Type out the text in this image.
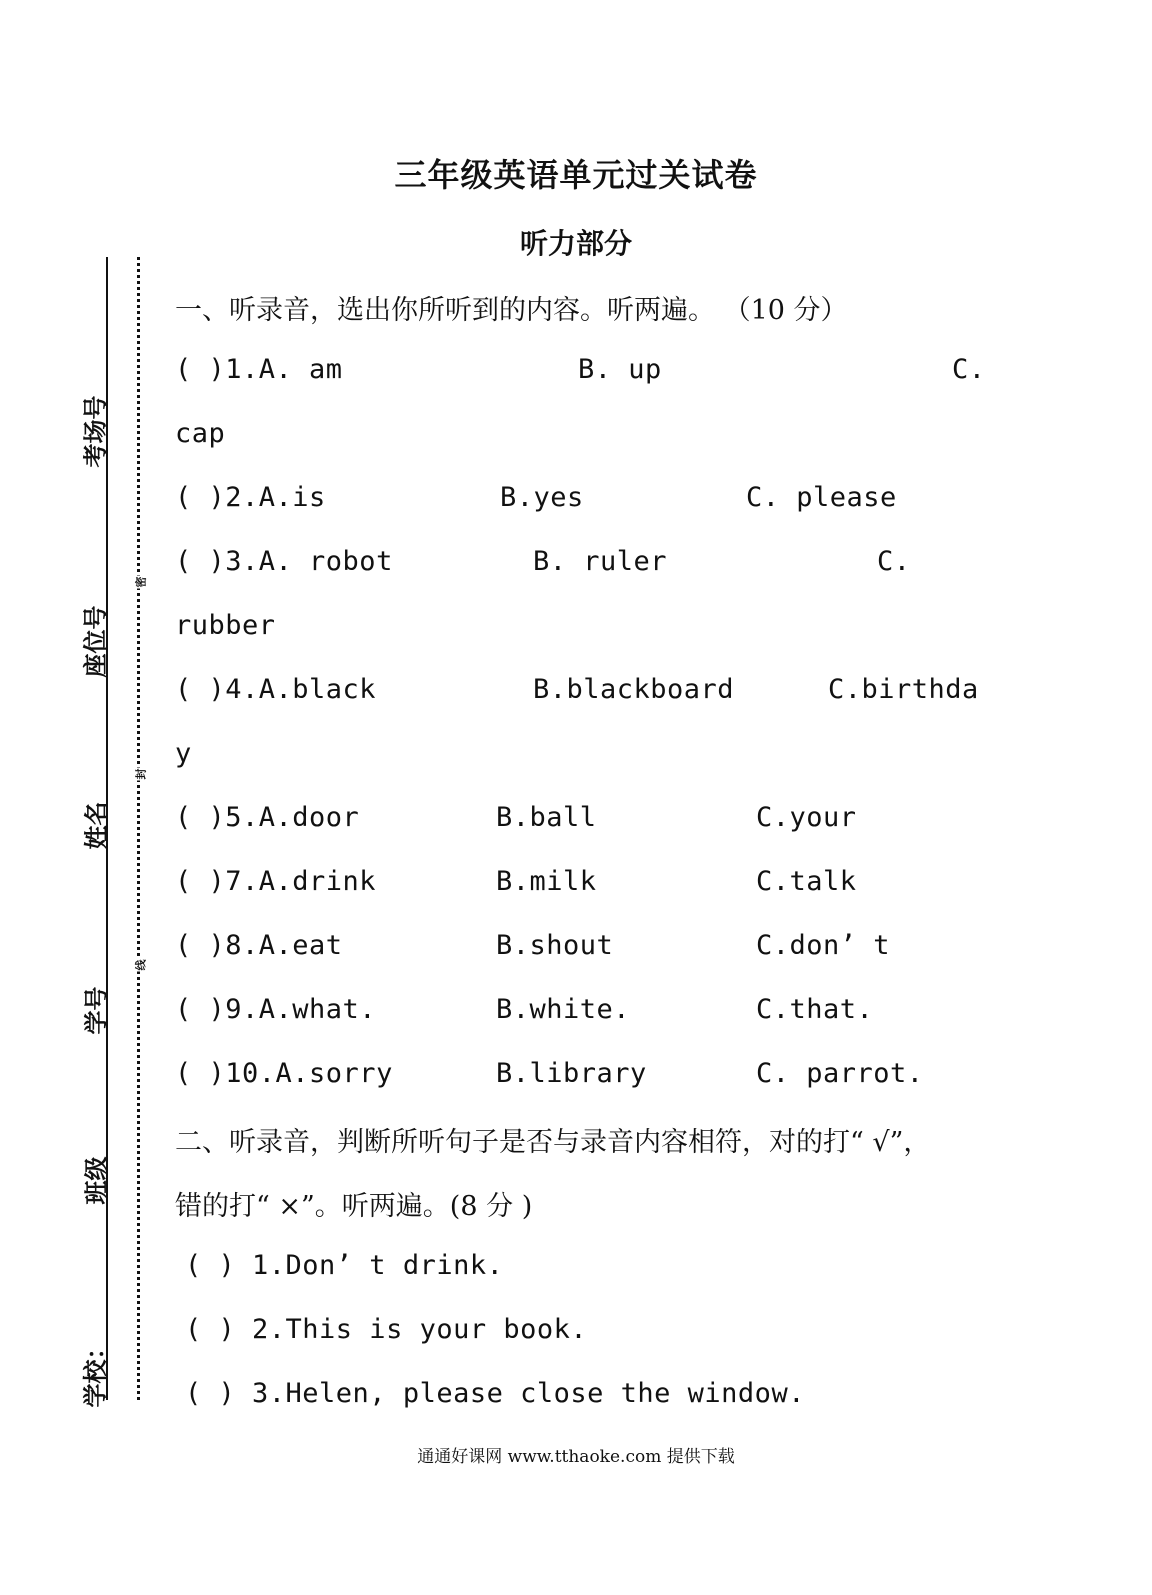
密
封
线
考场号
座位号
姓名
学号
班级
学校：
三年级英语单元过关试卷
听力部分
一、听录音，选出你所听到的内容。听两遍。 （10 分）
( )1.A. am	B. up	C.
cap
( )2.A.is	B.yes	C. please
( )3.A. robot	B. ruler	C.
rubber
( )4.A.black	B.blackboard	C.birthda
y
( )5.A.door	B.ball	C.your
( )7.A.drink	B.milk	C.talk
( )8.A.eat	B.shout	C.don’ t
( )9.A.what.	B.white.	C.that.
( )10.A.sorry	B.library	C. parrot.
二、听录音，判断所听句子是否与录音内容相符，对的打“ √”，
错的打“ ×”。听两遍。(8 分 )
( ) 1.Don’ t drink.
( ) 2.This is your book.
( ) 3.Helen, please close the window.
通通好课网 www.tthaoke.com 提供下载
